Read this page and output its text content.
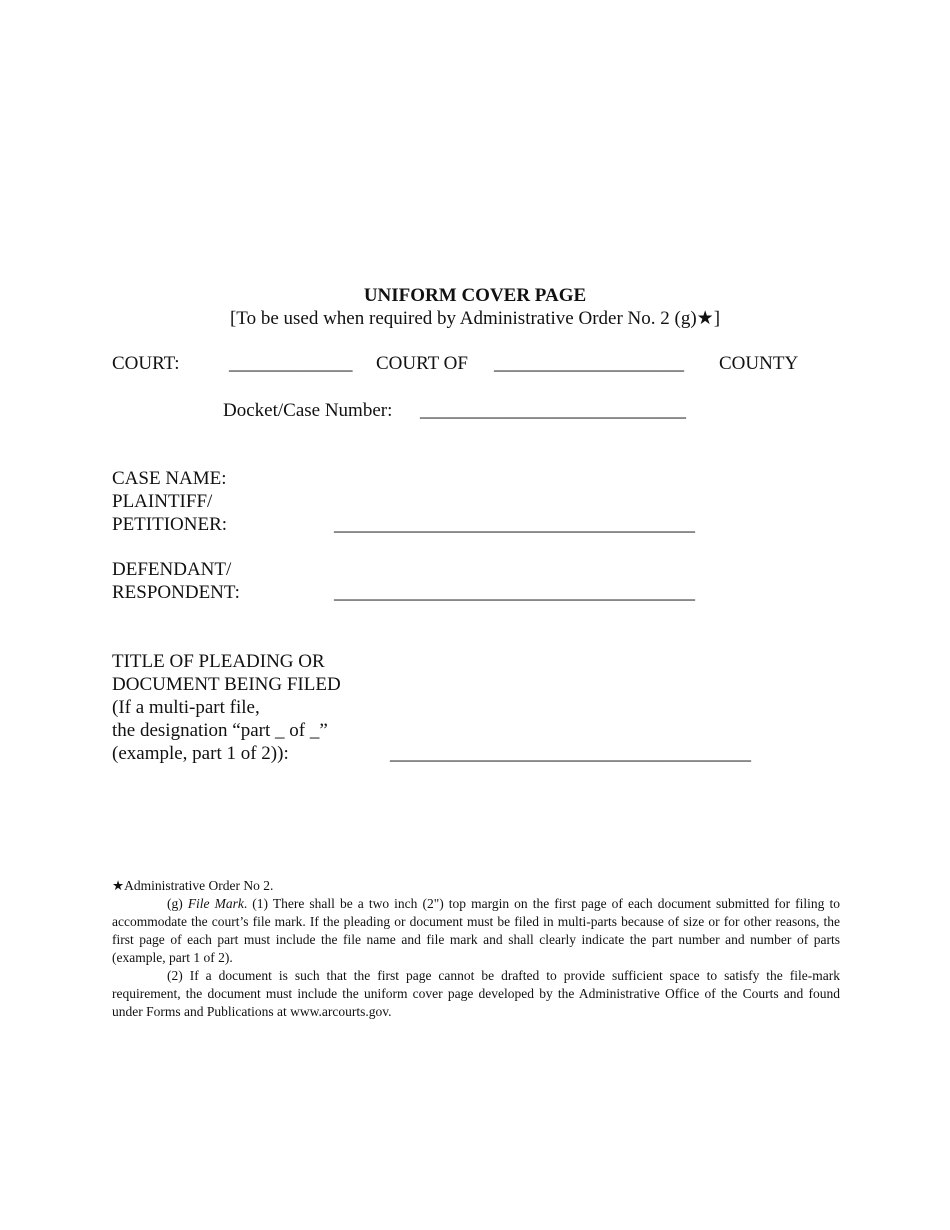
UNIFORM COVER PAGE
[To be used when required by Administrative Order No. 2 (g)★]
COURT:	_____________ COURT OF ____________________ COUNTY
Docket/Case Number: ____________________________
CASE NAME:
PLAINTIFF/
PETITIONER:	______________________________________
DEFENDANT/
RESPONDENT:	______________________________________
TITLE OF PLEADING OR
DOCUMENT BEING FILED
(If a multi-part file,
the designation “part _ of _”
(example, part 1 of 2)):	______________________________________

★Administrative Order No 2.

(g) File Mark. (1) There shall be a two inch (2") top margin on the first page of each document submitted for filing to accommodate the court’s file mark. If the pleading or document must be filed in multi-parts because of size or for other reasons, the first page of each part must include the file name and file mark and shall clearly indicate the part number and number of parts (example, part 1 of 2).

(2) If a document is such that the first page cannot be drafted to provide sufficient space to satisfy the file-mark requirement, the document must include the uniform cover page developed by the Administrative Office of the Courts and found under Forms and Publications at www.arcourts.gov.
